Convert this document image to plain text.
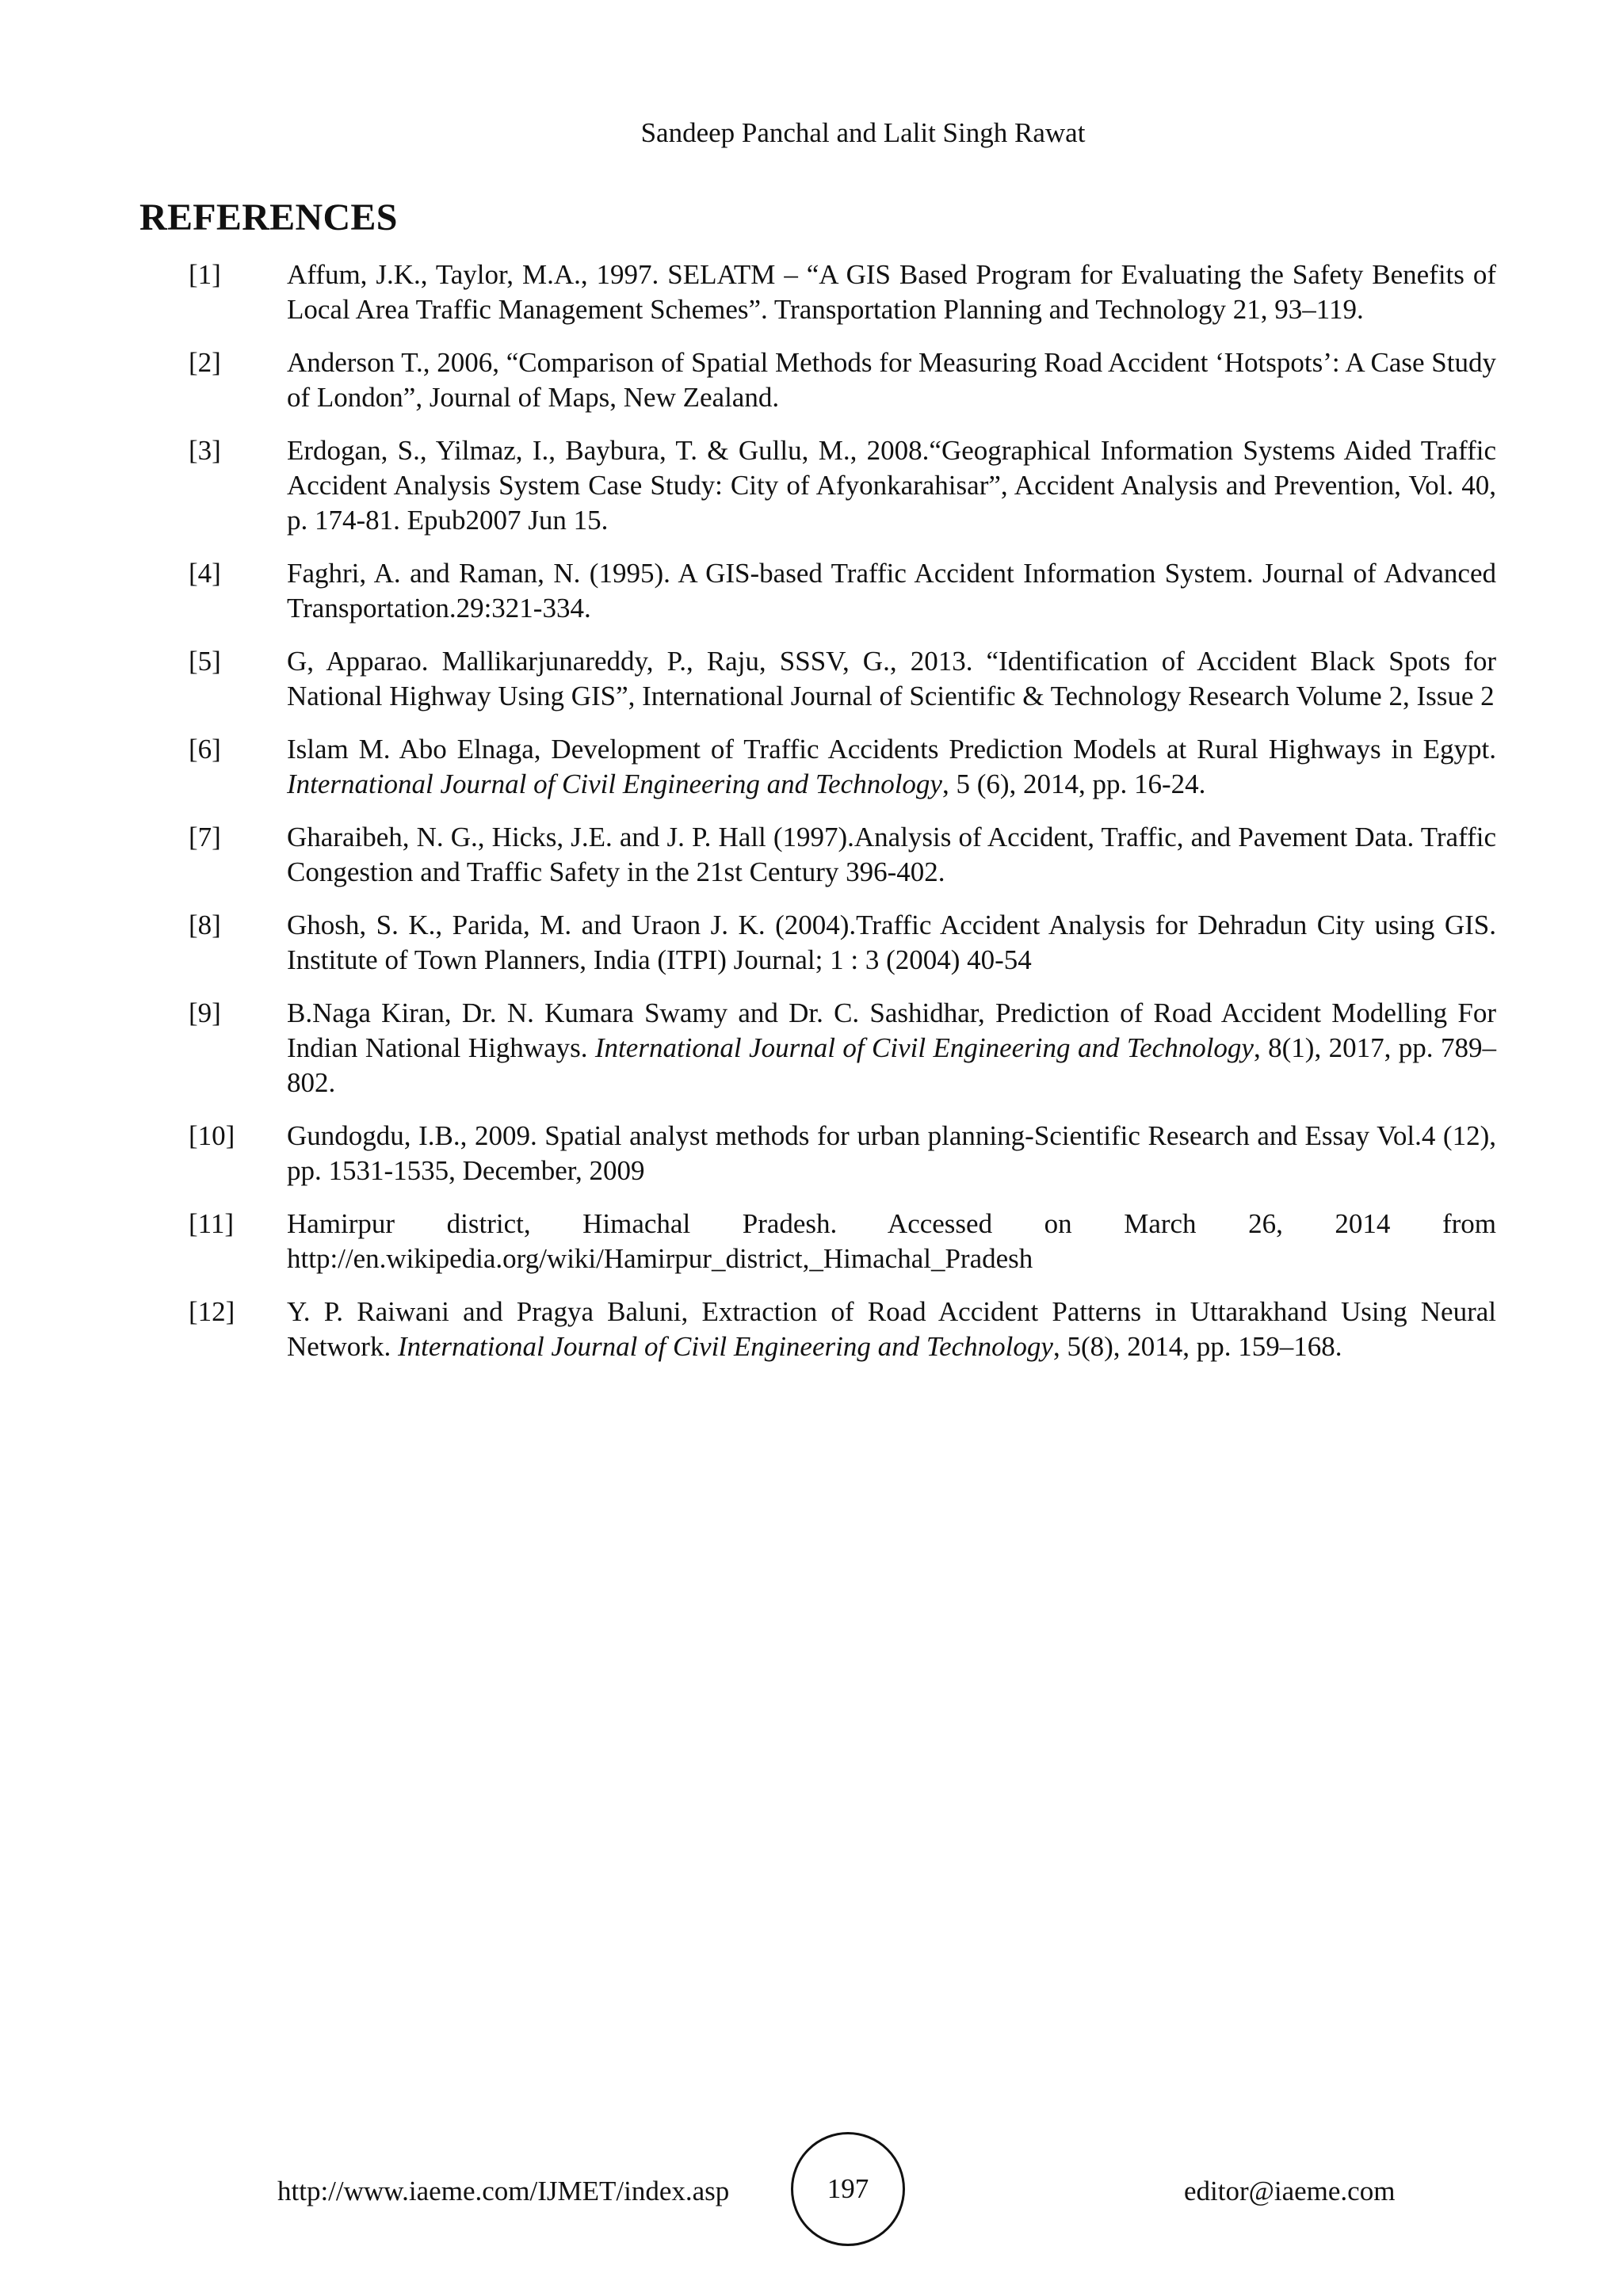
Sandeep Panchal and Lalit Singh Rawat
REFERENCES
[1] Affum, J.K., Taylor, M.A., 1997. SELATM – “A GIS Based Program for Evaluating the Safety Benefits of Local Area Traffic Management Schemes”. Transportation Planning and Technology 21, 93–119.
[2] Anderson T., 2006, “Comparison of Spatial Methods for Measuring Road Accident ‘Hotspots’: A Case Study of London”, Journal of Maps, New Zealand.
[3] Erdogan, S., Yilmaz, I., Baybura, T. & Gullu, M., 2008.“Geographical Information Systems Aided Traffic Accident Analysis System Case Study: City of Afyonkarahisar”, Accident Analysis and Prevention, Vol. 40, p. 174-81. Epub2007 Jun 15.
[4] Faghri, A. and Raman, N. (1995). A GIS-based Traffic Accident Information System. Journal of Advanced Transportation.29:321-334.
[5] G, Apparao. Mallikarjunareddy, P., Raju, SSSV, G., 2013. “Identification of Accident Black Spots for National Highway Using GIS”, International Journal of Scientific & Technology Research Volume 2, Issue 2
[6] Islam M. Abo Elnaga, Development of Traffic Accidents Prediction Models at Rural Highways in Egypt. International Journal of Civil Engineering and Technology, 5 (6), 2014, pp. 16-24.
[7] Gharaibeh, N. G., Hicks, J.E. and J. P. Hall (1997).Analysis of Accident, Traffic, and Pavement Data. Traffic Congestion and Traffic Safety in the 21st Century 396-402.
[8] Ghosh, S. K., Parida, M. and Uraon J. K. (2004).Traffic Accident Analysis for Dehradun City using GIS. Institute of Town Planners, India (ITPI) Journal; 1 : 3 (2004) 40-54
[9] B.Naga Kiran, Dr. N. Kumara Swamy and Dr. C. Sashidhar, Prediction of Road Accident Modelling For Indian National Highways. International Journal of Civil Engineering and Technology, 8(1), 2017, pp. 789–802.
[10] Gundogdu, I.B., 2009. Spatial analyst methods for urban planning-Scientific Research and Essay Vol.4 (12), pp. 1531-1535, December, 2009
[11] Hamirpur district, Himachal Pradesh. Accessed on March 26, 2014 from http://en.wikipedia.org/wiki/Hamirpur_district,_Himachal_Pradesh
[12] Y. P. Raiwani and Pragya Baluni, Extraction of Road Accident Patterns in Uttarakhand Using Neural Network. International Journal of Civil Engineering and Technology, 5(8), 2014, pp. 159–168.
http://www.iaeme.com/IJMET/index.asp	197	editor@iaeme.com
